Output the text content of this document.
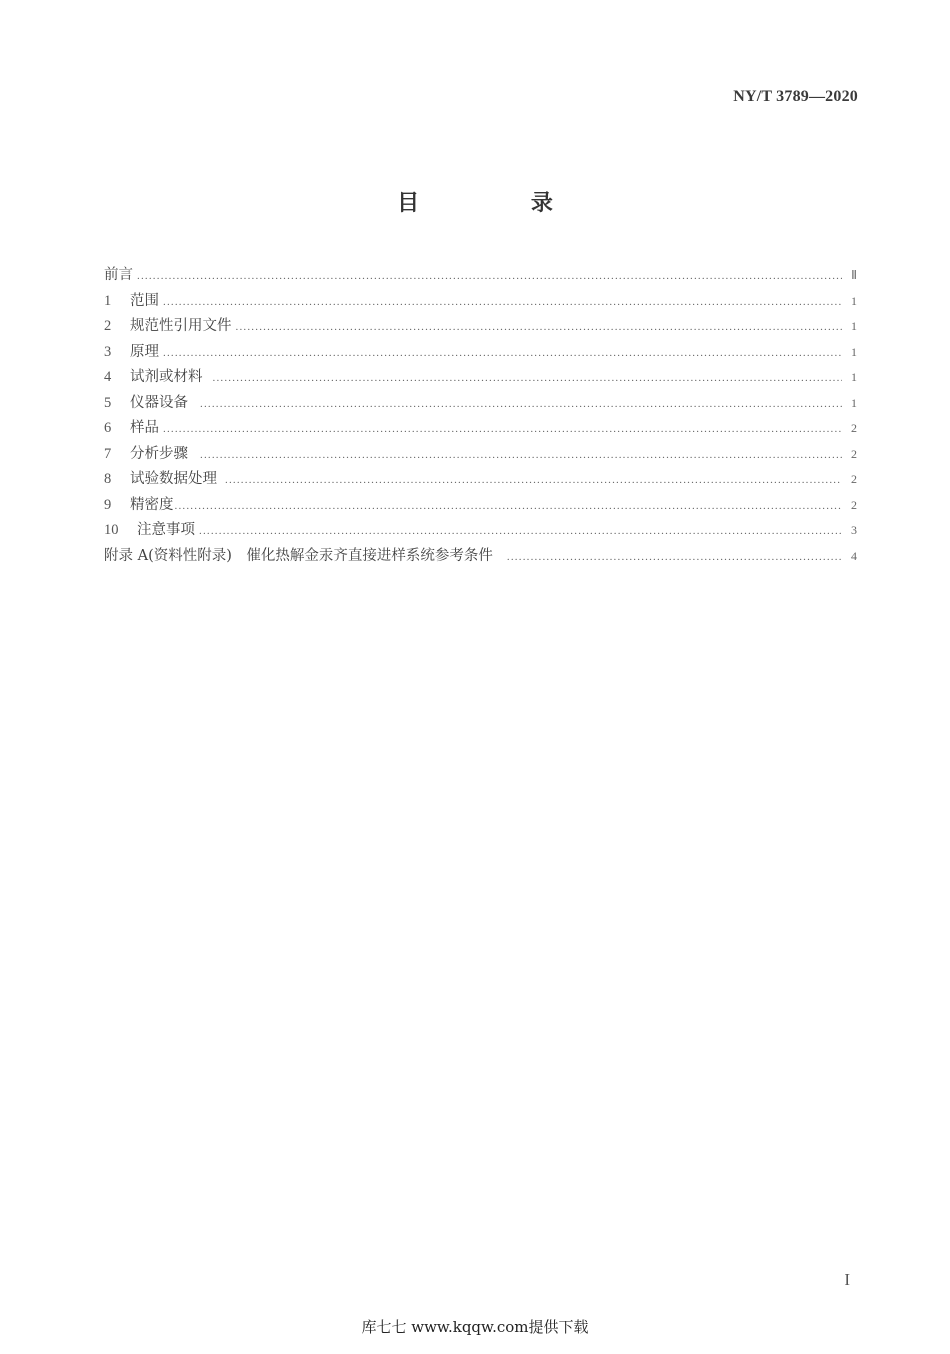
NY/T 3789—2020
目 录
前言 .....	Ⅱ
1	范围 .....	1
2	规范性引用文件 .....	1
3	原理 .....	1
4	试剂或材料 .....	1
5	仪器设备 .....	1
6	样品 .....	2
7	分析步骤 .....	2
8	试验数据处理 .....	2
9	精密度 .....	2
10	注意事项 .....	3
附录 A(资料性附录)　催化热解金汞齐直接进样系统参考条件 .....	4
I
库七七 www.kqqw.com提供下载
